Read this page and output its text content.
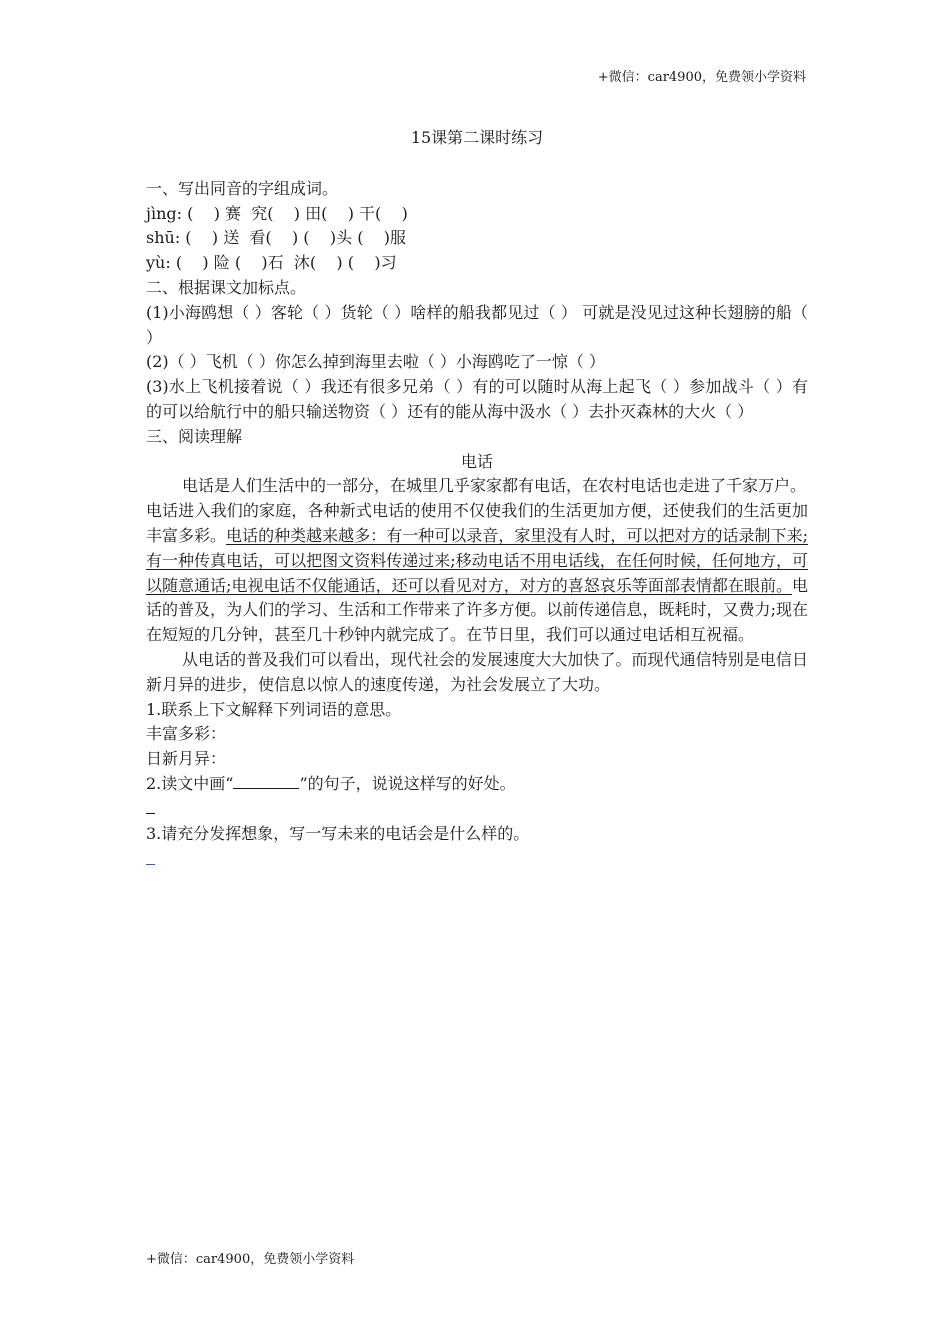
+微信：car4900，免费领小学资料
15课第二课时练习
一、写出同音的字组成词。
jìng: (    ) 赛  究(    ) 田(    ) 干(    )
shū: (    ) 送  看(    ) (    )头 (    )服
yù: (    ) 险 (    )石  沐(    ) (    )习
二、根据课文加标点。
(1)小海鸥想（ ）客轮（ ）货轮（ ）啥样的船我都见过（ ） 可就是没见过这种长翅膀的船（ ）
(2)（ ）飞机（ ）你怎么掉到海里去啦（ ）小海鸥吃了一惊（ ）
(3)水上飞机接着说（ ）我还有很多兄弟（ ）有的可以随时从海上起飞（ ）参加战斗（ ）有的可以给航行中的船只输送物资（ ）还有的能从海中汲水（ ）去扑灭森林的大火（ ）
三、阅读理解
电话
电话是人们生活中的一部分，在城里几乎家家都有电话，在农村电话也走进了千家万户。
电话进入我们的家庭，各种新式电话的使用不仅使我们的生活更加方便，还使我们的生活更加丰富多彩。电话的种类越来越多：有一种可以录音，家里没有人时，可以把对方的话录制下来;有一种传真电话，可以把图文资料传递过来;移动电话不用电话线，在任何时候，任何地方，可以随意通话;电视电话不仅能通话，还可以看见对方，对方的喜怒哀乐等面部表情都在眼前。电话的普及，为人们的学习、生活和工作带来了许多方便。以前传递信息，既耗时，又费力;现在在短短的几分钟，甚至几十秒钟内就完成了。在节日里，我们可以通过电话相互祝福。
从电话的普及我们可以看出，现代社会的发展速度大大加快了。而现代通信特别是电信日新月异的进步，使信息以惊人的速度传递，为社会发展立了大功。
1.联系上下文解释下列词语的意思。
丰富多彩：
日新月异：
2.读文中画“	”的句子，说说这样写的好处。
3.请充分发挥想象，写一写未来的电话会是什么样的。
+微信：car4900，免费领小学资料
